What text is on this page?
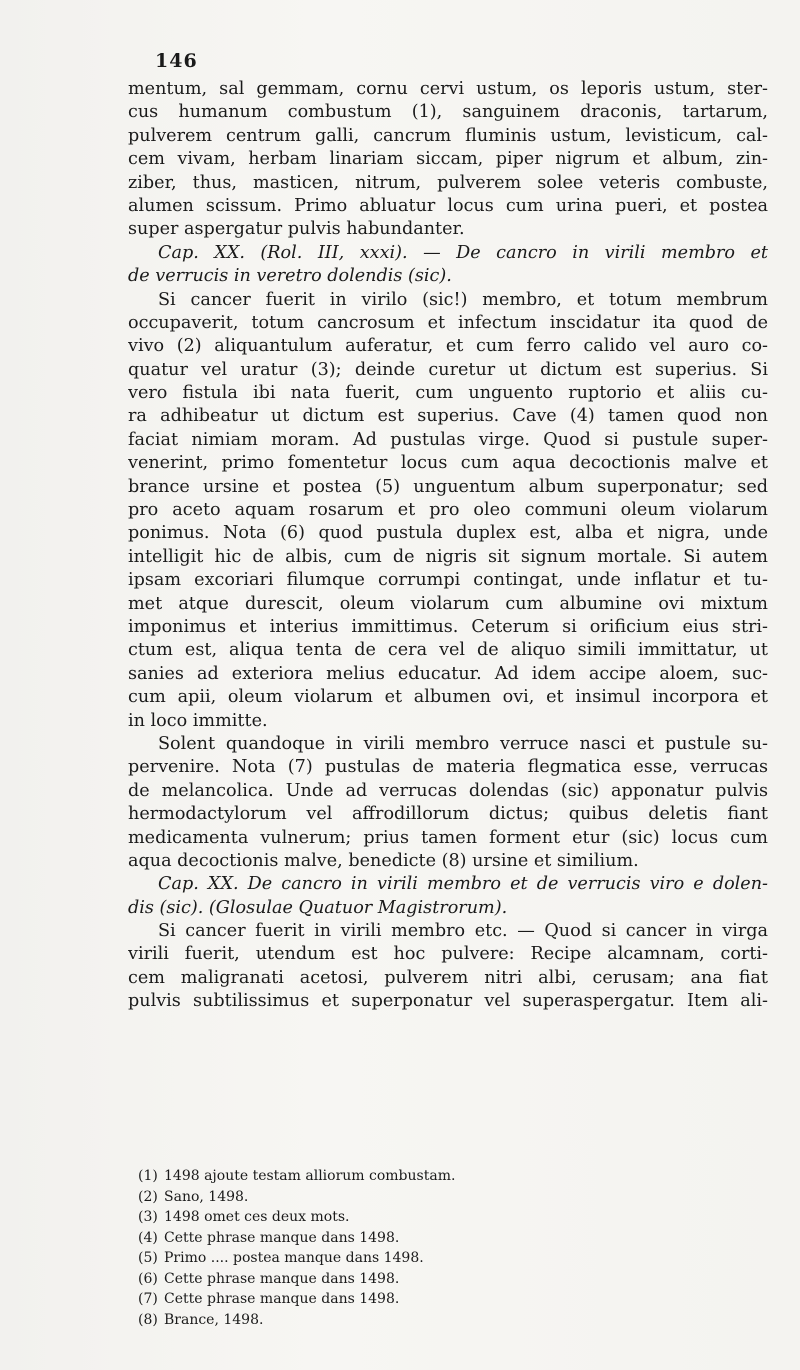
146
mentum, sal gemmam, cornu cervi ustum, os leporis ustum, ster-
cus humanum combustum (1), sanguinem draconis, tartarum,
pulverem centrum galli, cancrum fluminis ustum, levisticum, cal-
cem vivam, herbam linariam siccam, piper nigrum et album, zin-
ziber, thus, masticen, nitrum, pulverem solee veteris combuste,
alumen scissum. Primo abluatur locus cum urina pueri, et postea
super aspergatur pulvis habundanter.
Cap. XX. (Rol. III, xxxi). — De cancro in virili membro et
de verrucis in veretro dolendis (sic).
Si cancer fuerit in virilo (sic!) membro, et totum membrum
occupaverit, totum cancrosum et infectum inscidatur ita quod de
vivo (2) aliquantulum auferatur, et cum ferro calido vel auro co-
quatur vel uratur (3); deinde curetur ut dictum est superius. Si
vero fistula ibi nata fuerit, cum unguento ruptorio et aliis cu-
ra adhibeatur ut dictum est superius. Cave (4) tamen quod non
faciat nimiam moram. Ad pustulas virge. Quod si pustule super-
venerint, primo fomentetur locus cum aqua decoctionis malve et
brance ursine et postea (5) unguentum album superponatur; sed
pro aceto aquam rosarum et pro oleo communi oleum violarum
ponimus. Nota (6) quod pustula duplex est, alba et nigra, unde
intelligit hic de albis, cum de nigris sit signum mortale. Si autem
ipsam excoriari filumque corrumpi contingat, unde inflatur et tu-
met atque durescit, oleum violarum cum albumine ovi mixtum
imponimus et interius immittimus. Ceterum si orificium eius stri-
ctum est, aliqua tenta de cera vel de aliquo simili immittatur, ut
sanies ad exteriora melius educatur. Ad idem accipe aloem, suc-
cum apii, oleum violarum et albumen ovi, et insimul incorpora et
in loco immitte.
Solent quandoque in virili membro verruce nasci et pustule su-
pervenire. Nota (7) pustulas de materia flegmatica esse, verrucas
de melancolica. Unde ad verrucas dolendas (sic) apponatur pulvis
hermodactylorum vel affrodillorum dictus; quibus deletis fiant
medicamenta vulnerum; prius tamen forment etur (sic) locus cum
aqua decoctionis malve, benedicte (8) ursine et similium.
Cap. XX. De cancro in virili membro et de verrucis viro e dolen-
dis (sic). (Glosulae Quatuor Magistrorum).
Si cancer fuerit in virili membro etc. — Quod si cancer in virga
virili fuerit, utendum est hoc pulvere: Recipe alcamnam, corti-
cem maligranati acetosi, pulverem nitri albi, cerusam; ana fiat
pulvis subtilissimus et superponatur vel superaspergatur. Item ali-
(1) 1498 ajoute testam alliorum combustam.
(2) Sano, 1498.
(3) 1498 omet ces deux mots.
(4) Cette phrase manque dans 1498.
(5) Primo .... postea manque dans 1498.
(6) Cette phrase manque dans 1498.
(7) Cette phrase manque dans 1498.
(8) Brance, 1498.
